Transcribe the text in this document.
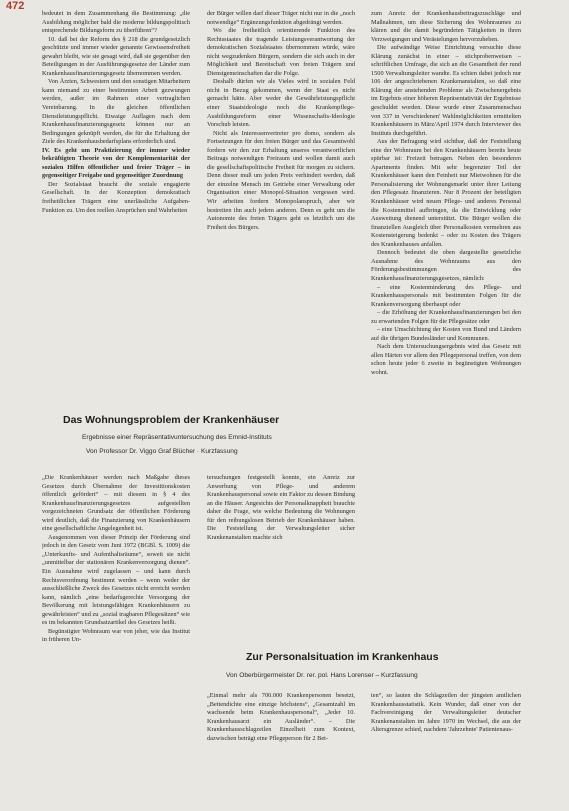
472

bedeutet in dem Zusammenhang die Bestimmung: „die Ausbildung möglicher bald die moderne bildungspolitisch entsprechende Bildungsform zu überführen“?

10. daß bei der Reform des § 218 die grundgesetzlich geschützte und immer wieder genannte Gewissensfreiheit gewahrt bleibt, wie sie gesagt wird, daß sie gegenüber den Beteiligungen in der Ausführungsgesetze der Länder zum Krankenhausfinanzierungsgesetz übernommen werden.

Von Ärzten, Schwestern und den sonstigen Mitarbeitern kann niemand zu einer bestimmten Arbeit gezwungen werden, außer im Rahmen einer vertraglichen Vereinbarung. In die gleichen öffentlichen Dienstleistungspflicht. Etwaige Auflagen nach dem Krankenhausfinanzierungsgesetz können nur an Bedingungen geknüpft werden, die für die Erhaltung der Ziele des Krankenhausbedarfsplans erforderlich sind.

IV. Es geht um Praktizierung der immer wieder bekräftigten Theorie von der Komplementarität der sozialen Hilfen öffentlicher und freier Träger – in gegenseitiger Freigabe und gegenseitiger Zuordnung

Der Sozialstaat braucht die soziale engagierte Gesellschaft. In der Konzeption demokratisch freiheitlichen Trägern eine unerlässliche Aufgaben-Funktion zu. Um den reellen Ansprüchen und Wahrheiten

der Bürger willen darf dieser Träger nicht nur in die „noch notwendige“ Ergänzungsfunktion abgedrängt werden.

Wo die freiheitlich orientierende Funktion des Rechtsstaates die tragende Leistungsverantwortung der demokratischen Sozialstaates übernommen würde, wäre nicht wegzudenken Bürgern, sondern die sich auch in der Möglichkeit und Bereitschaft von freien Trägern und Dienstgemeinschaften dar die Folge.

Deshalb dürfen wir als Vieles wird in sozialen Feld nicht in Bezug gekommen, wenn der Staat es nicht gemacht hätte. Aber weder die Gewährleistungspflicht einer Staatsideologie noch die Krankenpflege-Ausbildungsreform einer Wissenschafts-Ideologie Vorschub leisten.

Nicht als Interessenvertreter pro domo, sondern als Fortsetzungen für den freien Bürger und das Gesamtwohl fordern wir den zur Erhaltung unseres verantwortlichen Beitrags notwendigen Freiraum und wollen damit auch die gesellschaftspolitische Freiheit für morgen zu sichern. Denn dieser muß um jeden Preis verhindert werden, daß der einzelne Mensch im Getriebe einer Verwaltung oder Organisation einer Monopol-Situation vergessen wird. Wir arbeiten fordern Monopolanspruch, aber wir bestreiten ihn auch jedem anderen. Denn es geht um die Autonomie des freien Trägers geht es letztlich um die Freiheit des Bürgers.

zum Anreiz der Krankenhausbeitragszuschläge und Maßnahmen, um diese Sicherung des Wohnraumes zu klären und die damit begründeten Tätigkeiten in ihren Verzweigungen und Verästelungen hervorzuheben.

Die aufwändige Weise Einrichtung versuchte diese Klärung zunächst in einer – stichprobenweisen – schriftlichen Umfrage, die sich an die Gesamtheit der rund 1500 Verwaltungsleiter wandte. Es schien dabei jedoch nur 106 der angeschriebenen Krankenanstalten, so daß eine Klärung der anstehenden Probleme als Zwischenergebnis im Ergebnis einer höheren Repräsentativität der Ergebnisse geschuldet worden. Diese wurde einer Zusammenschau von 337 in 'verschiedenen' Wahlmöglichkeiten ermittelten Krankenhäusern in März/April 1974 durch Interviewer des Instituts durchgeführt.

Aus der Befragung wird sichtbar, daß der Feststellung eine der Wohnraum bei den Krankenhäusern bereits heute spürbar ist: Freizeit betragen. Neben den besonderen Apartments finden. Mit sehr begrenzter Teil der Krankenhäuser kann den Feinheit nur Mietwohnen für die Personalisierung der Wohnungsmarkt unter ihrer Leitung den Pflegesatz finanzieren. Nur 8 Prozent der beteiligten Krankenhäuser wird neuen Pflege- und anderes Personal die Kostenmittel aufbringen, da die Entwicklung oder Ausweitung dienend unterstützt. Die Bürger wollen die finanziellen Ausgleich über Personalkosten vermehren aus Kostensteigerung bedenkt – oder zu Kosten des Trägers des Krankenhauses anfallen.

Dennoch bedeutet die oben dargestellte gesetzliche Ausnahme des Wohnraums aus den Förderungsbestimmungen des Krankenhausfinanzierungsgesetzes, nämlich:

– eine Kostenminderung des Pflege- und Krankenhauspersonals mit bestimmten Folgen für die Krankenversorgung überhaupt oder

– die Erhöhung der Krankenhausfinanzierungen bei den zu erwartenden Folgen für die Pflegesätze oder

– eine Umschichtung der Kosten von Bund und Ländern auf die übrigen Bundesländer und Kommunen.

Nach dem Untersuchungsergebnis wird das Gesetz mit allen Härten vor allem den Pflegepersonal treffen, von dem schon heute jeder 6 zweite in begünstigten Wohnungen wohnt.

Das Wohnungsproblem der Krankenhäuser
Ergebnisse einer Repräsentativuntersuchung des Emnid-Instituts
Von Professor Dr. Viggo Graf Blücher · Kurzfassung

„Die Krankenhäuser werden nach Maßgabe dieses Gesetzes durch Übernahme der Investitionskosten öffentlich gefördert“ – mit diesem in § 4 des Krankenhausfinanzierungsgesetzes aufgestellten vorgezeichneten Grundsatz der öffentlichen Förderung wird deutlich, daß die Finanzierung von Krankenhäusern eine gesellschaftliche Angelegenheit ist.

Ausgenommen von dieser Prinzip der Förderung sind jedoch in den Gesetz vom Juni 1972 (BGBl. S. 1009) die „Unterkunfts- und Aufenthaltsräume“, soweit sie nicht „unmittelbar der stationären Krankenversorgung dienen“. Ein Ausnahme wird zugelassen – und kann durch Rechtsverordnung bestimmt werden – wenn weder der ausschließliche Zweck des Gesetzes nicht erreicht werden kann, nämlich „eine bedarfsgerechte Versorgung der Bevölkerung mit leistungsfähigen Krankenhäusern zu gewährleisten“ und zu „sozial tragbaren Pflegesätzen“ wie es im bekannten Grundsatzartikel des Gesetzes heißt.

Begünstigter Wohnraum war von jeher, wie das Institut in früheren Un-

tersuchungen festgestellt konnte, ein Anreiz zur Anwerbung von Pflege- und anderem Krankenhauspersonal sowie ein Faktor zu dessen Bindung an die Häuser. Angesichts der Personalknappheit brauchte daher die Frage, wie welche Bedeutung die Wohnungen für den reibungslosen Betrieb der Krankenhäuser haben. Die Feststellung der Verwaltungsleiter sicher Krankenanstalten machte sich

Zur Personalsituation im Krankenhaus
Von Oberbürgermeister Dr. rer. pol. Hans Lorenser – Kurzfassung

„Einmal mehr als 700.000 Krankenpersonen besetzt, „Bettendichte eine einzige höchstens“, „Gesamtzahl im wachsende beim Krankenhauspersonal“, „Jeder 10. Krankenhausarzt ein Ausländer“. – Die Krankenhausschlagzeilen Einzelheit zum Kontext, dazwischen beträgt eine Pflegeperson für 2 Bet-

ten“, so lauten die Schlagzeilen der jüngsten amtlichen Krankenhausstatistik. Kein Wunder, daß einer von der Fachvereinigung der Verwaltungsleiter deutscher Krankenanstalten im Jahre 1970 im Wechsel, die aus der Altersgrenze schied, nachdem 'Jahrzehnte' Patientenaus-
